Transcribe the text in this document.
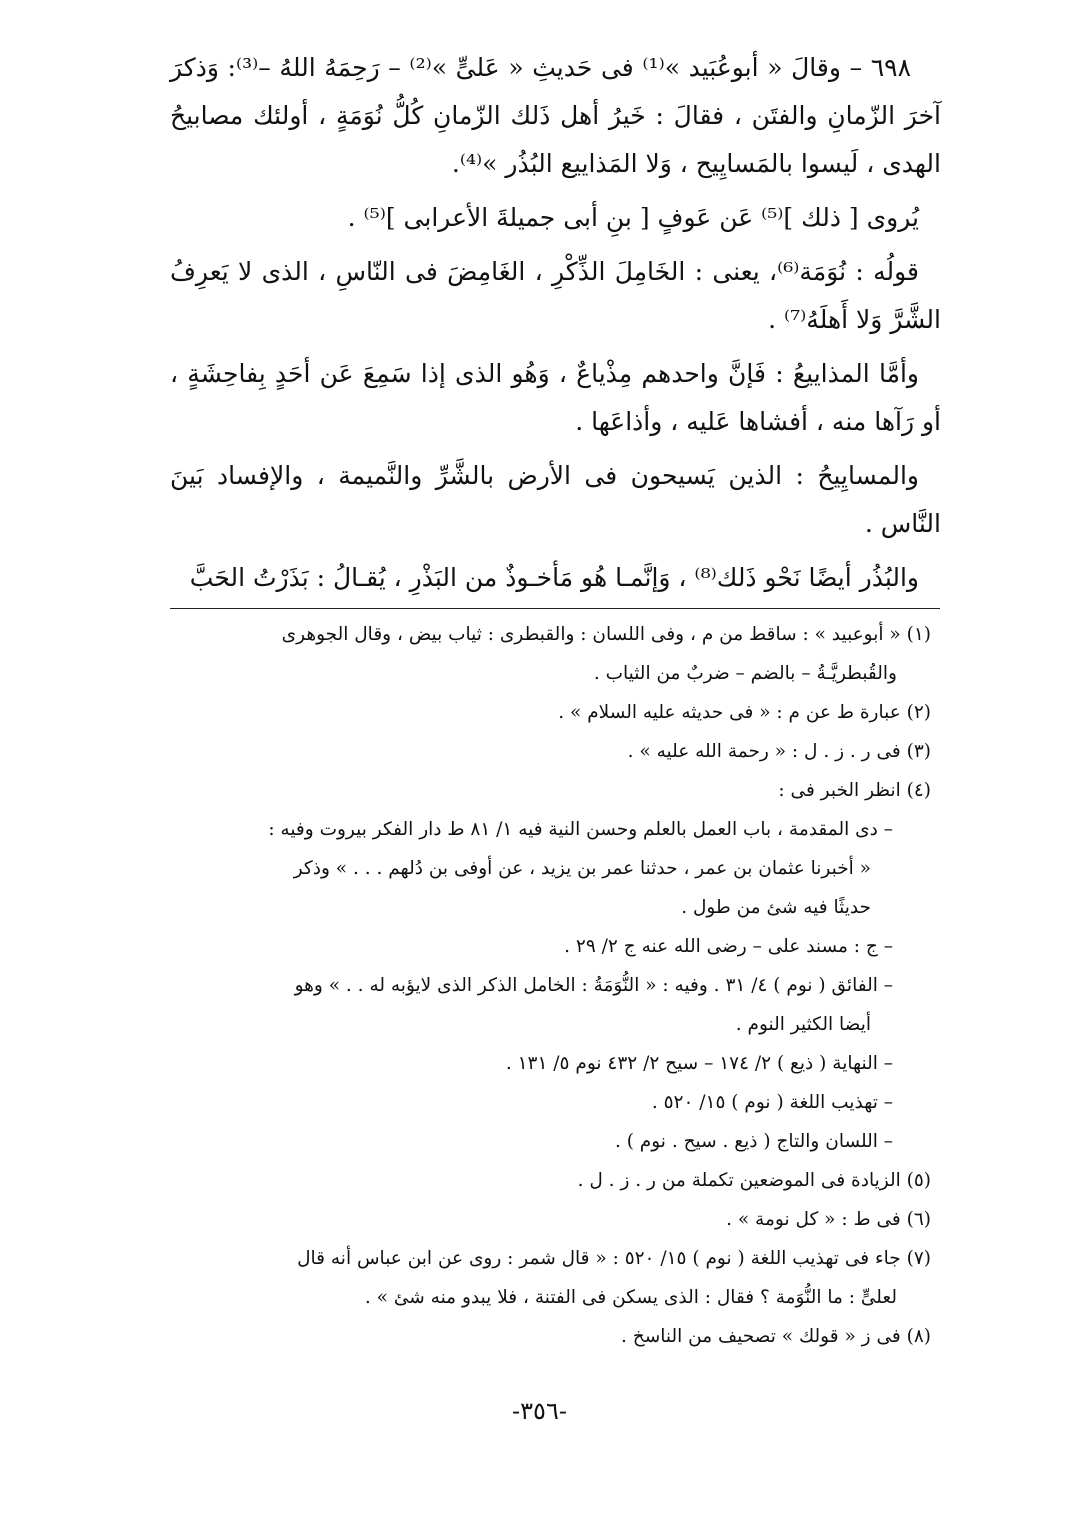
٦٩٨ – وقالَ « أبوعُبَيد »⁽¹⁾ فى حَديثِ « عَلىٍّ »⁽²⁾ – رَحِمَهُ اللهُ –⁽³⁾: وَذكرَ آخرَ الزّمانِ والفتَن ، فقالَ : خَيرُ أهل ذَلك الزّمانِ كُلُّ نُوَمَةٍ ، أولئك مصابيحُ الهدى ، لَيسوا بالمَسايِيح ، وَلا المَذاييع البُذُر »⁽⁴⁾.

يُروى [ ذلك ]⁽⁵⁾ عَن عَوفٍ [ بنِ أبى جميلةَ الأعرابى ]⁽⁵⁾ .

قولُه : نُوَمَة⁽⁶⁾، يعنى : الخَامِلَ الذِّكْرِ ، الغَامِضَ فى النّاسِ ، الذى لا يَعرِفُ الشَّرَّ وَلا أَهلَهُ⁽⁷⁾ .

وأمَّا المذاييعُ : فَإنَّ واحدهم مِذْياعٌ ، وَهُو الذى إذا سَمِعَ عَن أحَدٍ بِفاحِشَةٍ ، أو رَآها منه ، أفشاها عَليه ، وأذاعَها .

والمسايِيحُ : الذين يَسيحون فى الأرض بالشَّرِّ والنَّميمة ، والإفساد بَينَ النَّاس .

والبُذُر أيضًا نَحْو ذَلك⁽⁸⁾ ، وَإنَّمـا هُو مَأخـوذٌ من البَذْرِ ، يُقـالُ : بَذَرْتُ الحَبَّ

(١) « أبوعبيد » : ساقط من م ، وفى اللسان : والقبطرى : ثياب بيض ، وقال الجوهرى
والقُبطريَّـةُ – بالضم – ضربٌ من الثياب .
(٢) عبارة ط عن م : « فى حديثه عليه السلام » .
(٣) فى ر . ز . ل : « رحمة الله عليه » .
(٤) انظر الخبر فى :
– دى المقدمة ، باب العمل بالعلم وحسن النية فيه ١/ ٨١ ط دار الفكر بيروت وفيه :
« أخبرنا عثمان بن عمر ، حدثنا عمر بن يزيد ، عن أوفى بن دُلهم . . . » وذكر
حديثًا فيه شئ من طول .
– ج : مسند على – رضى الله عنه ج ٢/ ٢٩ .
– الفائق ( نوم ) ٤/ ٣١ . وفيه : « النُّوَمَةُ : الخامل الذكر الذى لايؤبه له . . » وهو
أيضا الكثير النوم .
– النهاية ( ذيع ) ٢/ ١٧٤ – سيح ٢/ ٤٣٢ نوم ٥/ ١٣١ .
– تهذيب اللغة ( نوم ) ١٥/ ٥٢٠ .
– اللسان والتاج ( ذيع . سيح . نوم ) .
(٥) الزيادة فى الموضعين تكملة من ر . ز . ل .
(٦) فى ط : « كل نومة » .
(٧) جاء فى تهذيب اللغة ( نوم ) ١٥/ ٥٢٠ : « قال شمر : روى عن ابن عباس أنه قال
لعلىٍّ : ما النُّوَمة ؟ فقال : الذى يسكن فى الفتنة ، فلا يبدو منه شئ » .
(٨) فى ز « قولك » تصحيف من الناسخ .
-٣٥٦-
